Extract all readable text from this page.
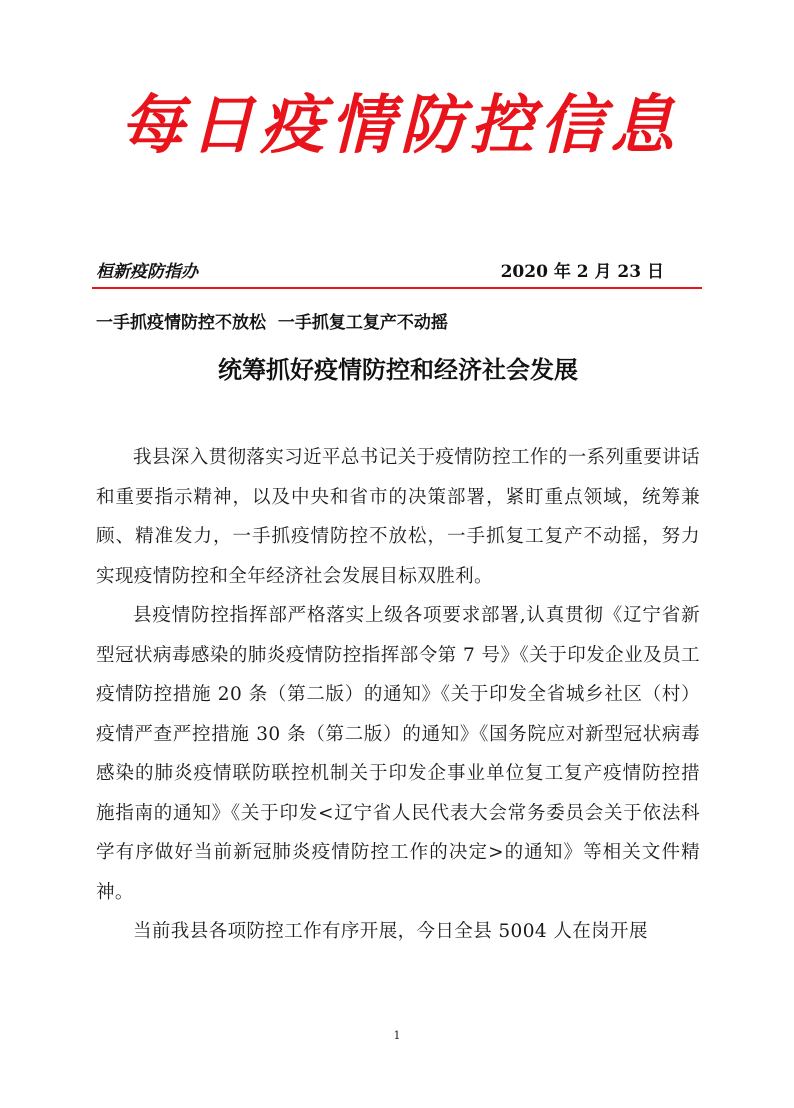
每日疫情防控信息
桓新疫防指办	2020 年 2 月 23 日
一手抓疫情防控不放松  一手抓复工复产不动摇
统筹抓好疫情防控和经济社会发展

我县深入贯彻落实习近平总书记关于疫情防控工作的一系列重要讲话和重要指示精神，以及中央和省市的决策部署，紧盯重点领域，统筹兼顾、精准发力，一手抓疫情防控不放松，一手抓复工复产不动摇，努力实现疫情防控和全年经济社会发展目标双胜利。

县疫情防控指挥部严格落实上级各项要求部署,认真贯彻《辽宁省新型冠状病毒感染的肺炎疫情防控指挥部令第 7 号》《关于印发企业及员工疫情防控措施 20 条（第二版）的通知》《关于印发全省城乡社区（村）疫情严查严控措施 30 条（第二版）的通知》《国务院应对新型冠状病毒感染的肺炎疫情联防联控机制关于印发企事业单位复工复产疫情防控措施指南的通知》《关于印发<辽宁省人民代表大会常务委员会关于依法科学有序做好当前新冠肺炎疫情防控工作的决定>的通知》等相关文件精神。

当前我县各项防控工作有序开展，今日全县 5004 人在岗开展

1
